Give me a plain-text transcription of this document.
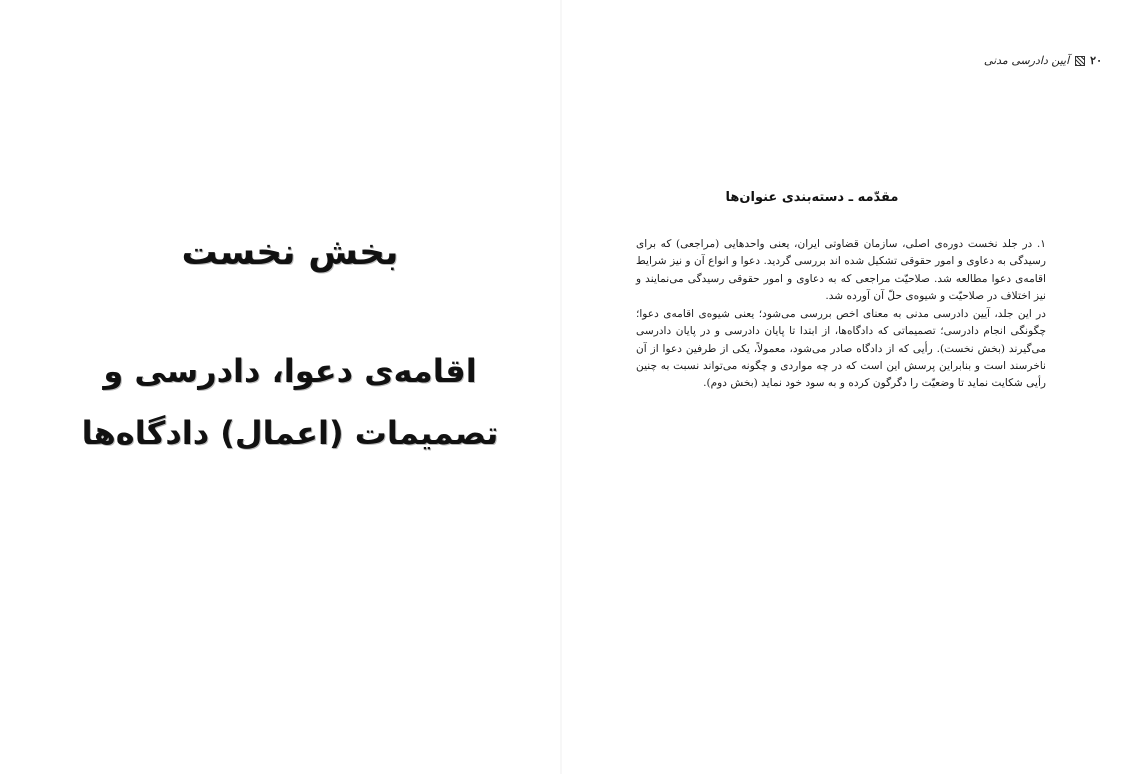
بخش نخست
اقامه‌ی دعوا، دادرسی و
تصمیمات (اعمال) دادگاه‌ها
۲۰  آیین دادرسی مدنی
مقدّمه ـ دسته‌بندی عنوان‌ها

۱. در جلد نخست دوره‌ی اصلی، سازمان قضاوتی ایران، یعنی واحدهایی (مراجعی) که برای رسیدگی به دعاوی و امور حقوقی تشکیل شده اند بررسی گردید. دعوا و انواع آن و نیز شرایط اقامه‌ی دعوا مطالعه شد. صلاحیّت مراجعی که به دعاوی و امور حقوقی رسیدگی می‌نمایند و نیز اختلاف در صلاحیّت و شیوه‌ی حلّ آن آورده شد.

در این جلد، آیین دادرسی مدنی به معنای اخص بررسی می‌شود؛ یعنی شیوه‌ی اقامه‌ی دعوا؛ چگونگی انجام دادرسی؛ تصمیماتی که دادگاه‌ها، از ابتدا تا پایان دادرسی و در پایان دادرسی می‌گیرند (بخش نخست). رأیی که از دادگاه صادر می‌شود، معمولاً، یکی از طرفین دعوا از آن ناخرسند است و بنابراین پرسش این است که در چه مواردی و چگونه می‌تواند نسبت به چنین رأیی شکایت نماید تا وضعیّت را دگرگون کرده و به سود خود نماید (بخش دوم).
